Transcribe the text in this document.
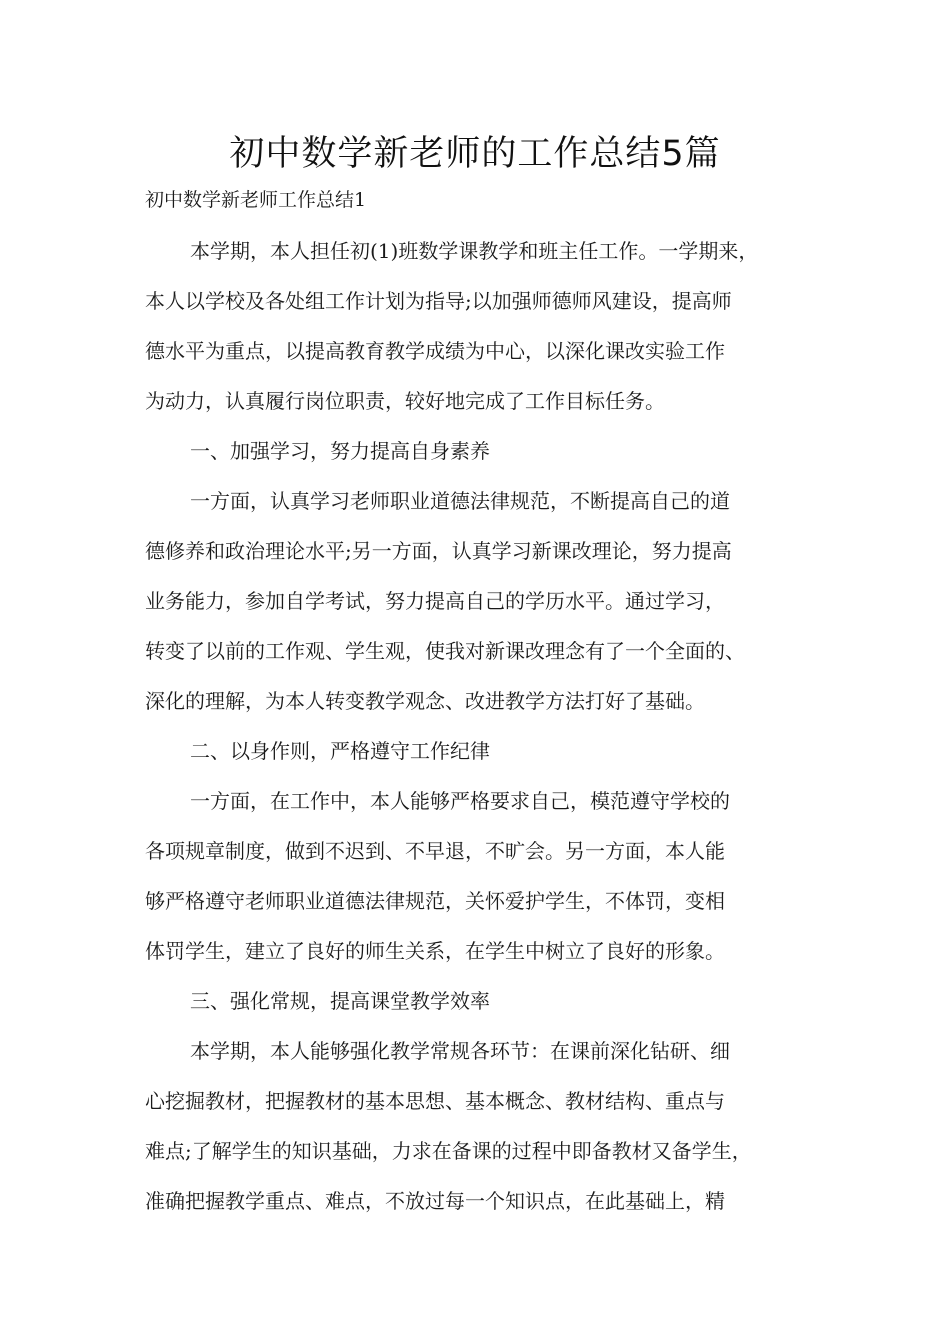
初中数学新老师的工作总结5篇

初中数学新老师工作总结1

本学期，本人担任初(1)班数学课教学和班主任工作。一学期来，

本人以学校及各处组工作计划为指导;以加强师德师风建设，提高师

德水平为重点，以提高教育教学成绩为中心，以深化课改实验工作

为动力，认真履行岗位职责，较好地完成了工作目标任务。

一、加强学习，努力提高自身素养

一方面，认真学习老师职业道德法律规范，不断提高自己的道

德修养和政治理论水平;另一方面，认真学习新课改理论，努力提高

业务能力，参加自学考试，努力提高自己的学历水平。通过学习，

转变了以前的工作观、学生观，使我对新课改理念有了一个全面的、

深化的理解，为本人转变教学观念、改进教学方法打好了基础。

二、以身作则，严格遵守工作纪律

一方面，在工作中，本人能够严格要求自己，模范遵守学校的

各项规章制度，做到不迟到、不早退，不旷会。另一方面，本人能

够严格遵守老师职业道德法律规范，关怀爱护学生，不体罚，变相

体罚学生，建立了良好的师生关系，在学生中树立了良好的形象。

三、强化常规，提高课堂教学效率

本学期，本人能够强化教学常规各环节：在课前深化钻研、细

心挖掘教材，把握教材的基本思想、基本概念、教材结构、重点与

难点;了解学生的知识基础，力求在备课的过程中即备教材又备学生，

准确把握教学重点、难点，不放过每一个知识点，在此基础上，精
